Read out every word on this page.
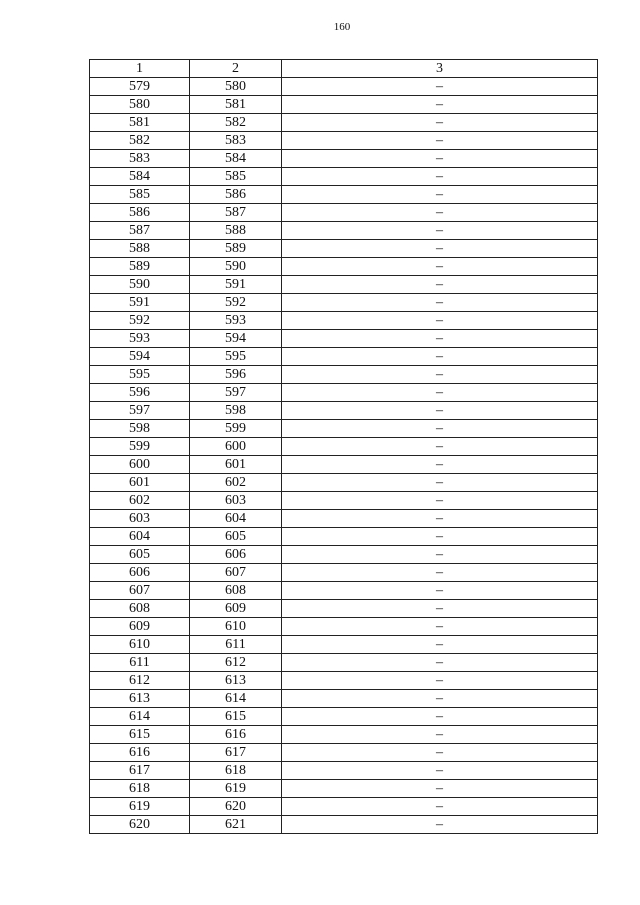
160
1	2	3
579	580	–
580	581	–
581	582	–
582	583	–
583	584	–
584	585	–
585	586	–
586	587	–
587	588	–
588	589	–
589	590	–
590	591	–
591	592	–
592	593	–
593	594	–
594	595	–
595	596	–
596	597	–
597	598	–
598	599	–
599	600	–
600	601	–
601	602	–
602	603	–
603	604	–
604	605	–
605	606	–
606	607	–
607	608	–
608	609	–
609	610	–
610	611	–
611	612	–
612	613	–
613	614	–
614	615	–
615	616	–
616	617	–
617	618	–
618	619	–
619	620	–
620	621	–
